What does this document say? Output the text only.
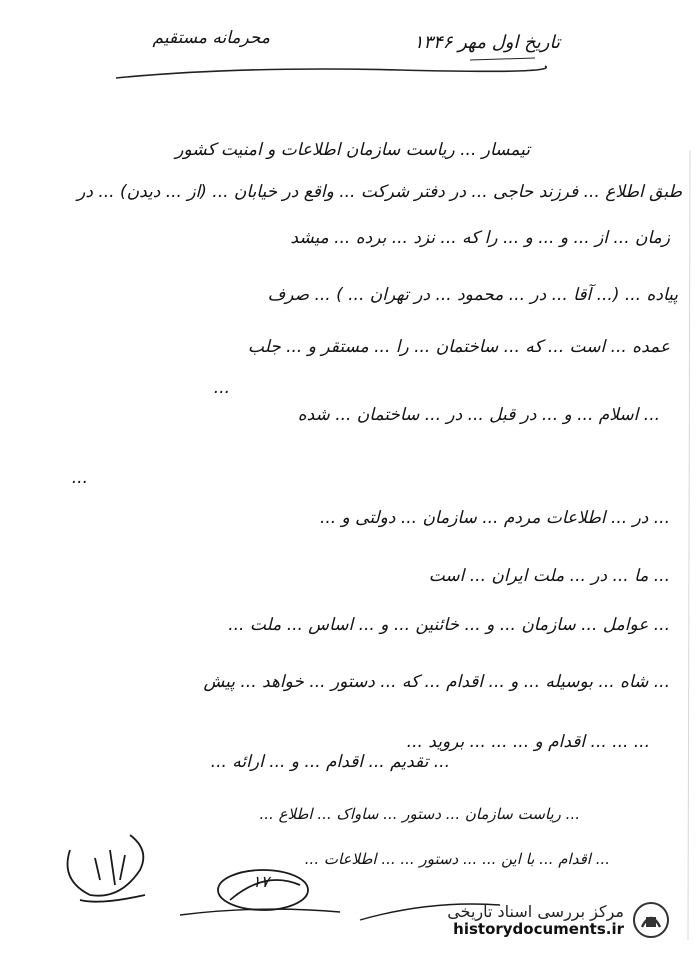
تاریخ اول مهر ۱۳۴۶
محرمانه مستقیم
تیمسار ... ریاست سازمان اطلاعات و امنیت کشور
طبق اطلاع ... فرزند حاجی ... در دفتر شرکت ... واقع در خیابان ... (از ... دیدن) ... در
زمان ... از ... و ... و ... را که ... نزد ... برده ... میشد
پیاده ... (... آقا ... در ... محمود ... در تهران ... ) ... صرف
عمده ... است ... که ... ساختمان ... را ... مستقر و ... جلب
...
... اسلام ... و ... در قبل ... در ... ساختمان ... شده
...
... در ... اطلاعات مردم ... سازمان ... دولتی و ...
... ما ... در ... ملت ایران ... است
... عوامل ... سازمان ... و ... خائنین ... و ... اساس ... ملت ...
... شاه ... بوسیله ... و ... اقدام ... که ... دستور ... خواهد ... پیش
... ... ... اقدام و ... ... ... بروید ...
... تقدیم ... اقدام ... و ... ارائه ...
... ریاست سازمان ... دستور ... ساواک ... اطلاع ...
... اقدام ... با این ... ... دستور ... ... اطلاعات ...
۱۷
مرکز بررسی اسناد تاریخی
historydocuments.ir
